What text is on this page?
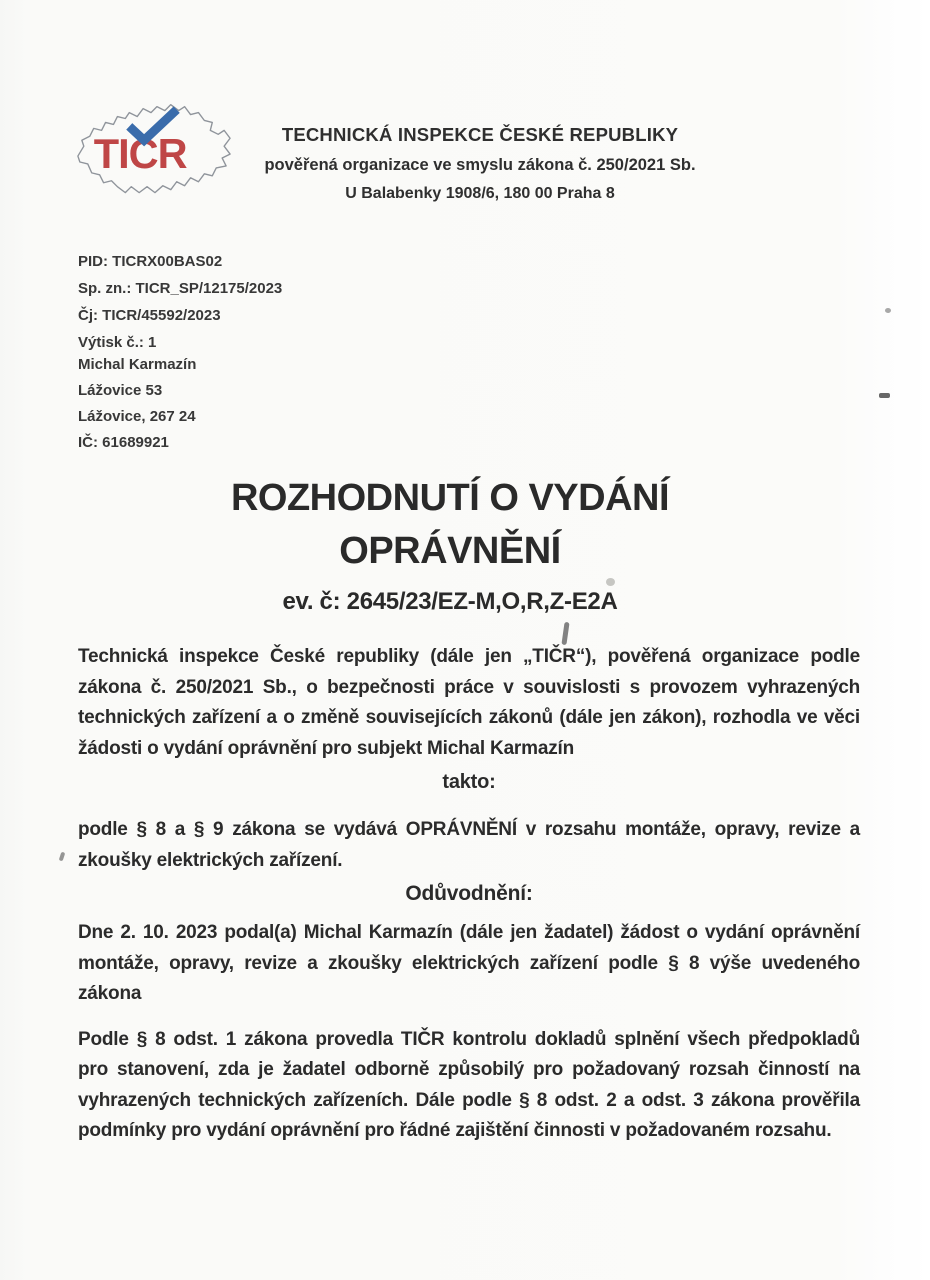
TICR	TECHNICKÁ INSPEKCE ČESKÉ REPUBLIKY
pověřená organizace ve smyslu zákona č. 250/2021 Sb.
U Balabenky 1908/6, 180 00 Praha 8
PID: TICRX00BAS02
Sp. zn.: TICR_SP/12175/2023
Čj: TICR/45592/2023
Výtisk č.: 1
Michal Karmazín
Lážovice 53
Lážovice, 267 24
IČ: 61689921
ROZHODNUTÍ O VYDÁNÍ
OPRÁVNĚNÍ
ev. č: 2645/23/EZ-M,O,R,Z-E2A

Technická inspekce České republiky (dále jen „TIČR“), pověřená organizace podle zákona č. 250/2021 Sb., o bezpečnosti práce v souvislosti s provozem vyhrazených technických zařízení a o změně souvisejících zákonů (dále jen zákon), rozhodla ve věci žádosti o vydání oprávnění pro subjekt Michal Karmazín

takto:

podle § 8 a § 9 zákona se vydává OPRÁVNĚNÍ v rozsahu montáže, opravy, revize a zkoušky elektrických zařízení.

Odůvodnění:

Dne 2. 10. 2023 podal(a) Michal Karmazín (dále jen žadatel) žádost o vydání oprávnění montáže, opravy, revize a zkoušky elektrických zařízení podle § 8 výše uvedeného zákona

Podle § 8 odst. 1 zákona provedla TIČR kontrolu dokladů splnění všech předpokladů pro stanovení, zda je žadatel odborně způsobilý pro požadovaný rozsah činností na vyhrazených technických zařízeních. Dále podle § 8 odst. 2 a odst. 3 zákona prověřila podmínky pro vydání oprávnění pro řádné zajištění činnosti v požadovaném rozsahu.
